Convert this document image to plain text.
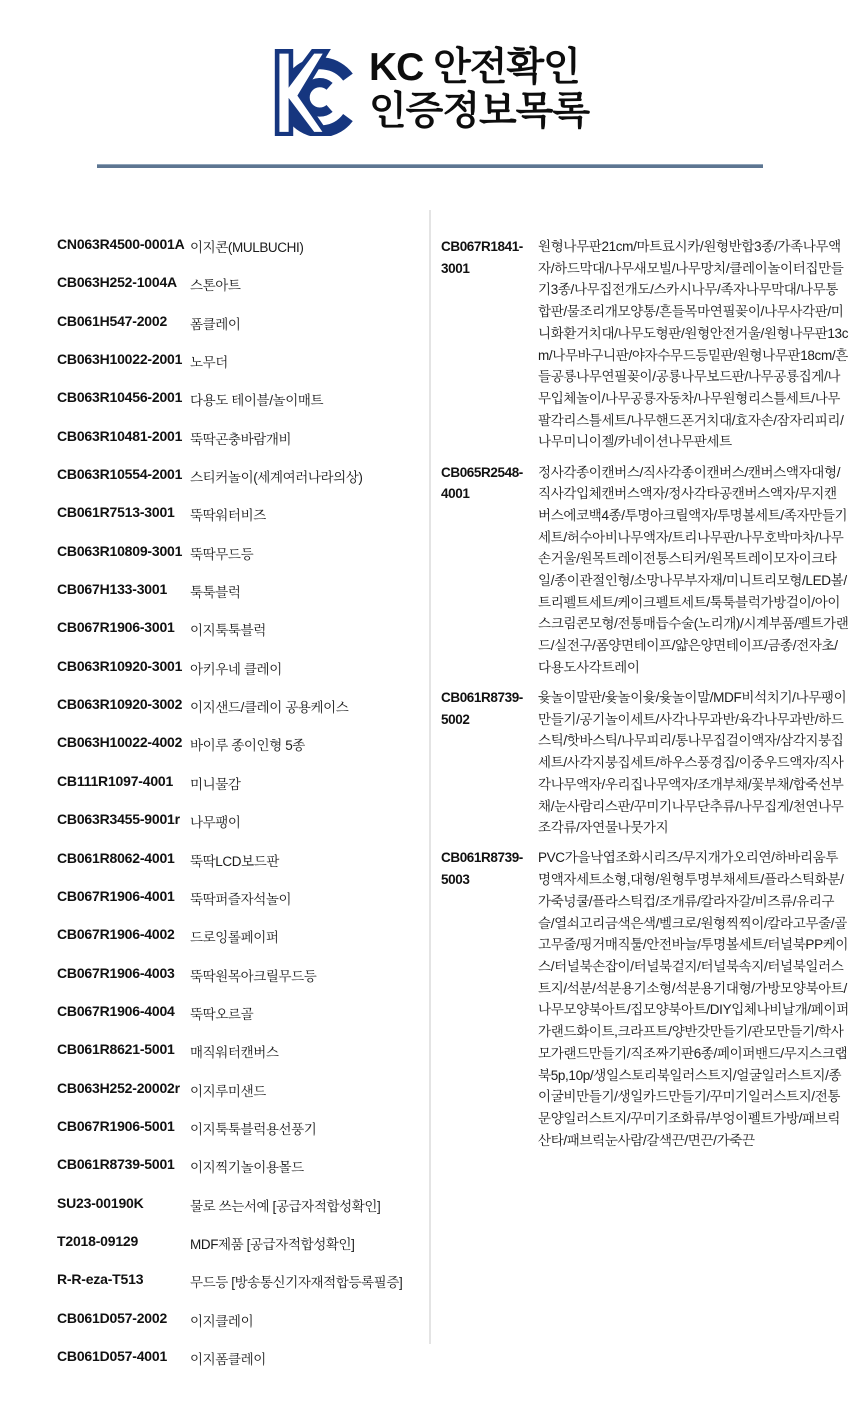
KC 안전확인
인증정보목록
CN063R4500-0001A 이지콘(MULBUCHI)
CB063H252-1004A 스톤아트
CB061H547-2002	폼클레이
CB063H10022-2001 노무더
CB063R10456-2001 다용도 테이블/놀이매트
CB063R10481-2001 뚝딱곤충바람개비
CB063R10554-2001 스티커놀이(세계여러나라의상)
CB061R7513-3001	뚝딱워터비즈
CB063R10809-3001 뚝딱무드등
CB067H133-3001	툭툭블럭
CB067R1906-3001	이지툭툭블럭
CB063R10920-3001 아키우네 클레이
CB063R10920-3002 이지샌드/클레이 공용케이스
CB063H10022-4002 바이루 종이인형 5종
CB111R1097-4001	미니물감
CB063R3455-9001r 나무팽이
CB061R8062-4001	뚝딱LCD보드판
CB067R1906-4001	뚝딱퍼즐자석놀이
CB067R1906-4002	드로잉롤페이퍼
CB067R1906-4003	뚝딱원목아크릴무드등
CB067R1906-4004	뚝딱오르골
CB061R8621-5001	매직워터캔버스
CB063H252-20002r 이지루미샌드
CB067R1906-5001	이지툭툭블럭용선풍기
CB061R8739-5001	이지찍기놀이용몰드
SU23-00190K	물로 쓰는서예 [공급자적합성확인]
T2018-09129	MDF제품 [공급자적합성확인]
R-R-eza-T513	무드등 [방송통신기자재적합등록필증]
CB061D057-2002	이지클레이
CB061D057-4001	이지폼클레이
CB067R1841-3001
원형나무판21cm/마트료시카/원형반합3종/가족나무액자/하드막대/나무새모빌/나무망치/클레이놀이터집만들기3종/나무집전개도/스카시나무/족자나무막대/나무통합판/물조리개모양통/흔들목마연필꽂이/나무사각판/미니화환거치대/나무도형판/원형안전거울/원형나무판13cm/나무바구니판/야자수무드등밑판/원형나무판18cm/흔들공룡나무연필꽂이/공룡나무보드판/나무공룡집게/나무입체놀이/나무공룡자동차/나무원형리스틀세트/나무팔각리스틀세트/나무핸드폰거치대/효자손/잠자리피리/나무미니이젤/카네이션나무판세트
CB065R2548-4001
정사각종이캔버스/직사각종이캔버스/캔버스액자대형/직사각입체캔버스액자/정사각타공캔버스액자/무지캔버스에코백4종/투명아크릴액자/투명볼세트/족자만들기세트/허수아비나무액자/트리나무판/나무호박마차/나무손거울/원목트레이전통스티커/원목트레이모자이크타일/종이관절인형/소망나무부자재/미니트리모형/LED볼/트리펠트세트/케이크펠트세트/툭툭블럭가방걸이/아이스크림콘모형/전통매듭수술(노리개)/시계부품/펠트가랜드/실전구/폼양면테이프/얇은양면테이프/금종/전자초/다용도사각트레이
CB061R8739-5002
윷놀이말판/윷놀이윷/윷놀이말/MDF비석치기/나무팽이만들기/공기놀이세트/사각나무과반/육각나무과반/하드스틱/핫바스틱/나무피리/통나무집걸이액자/삼각지붕집세트/사각지붕집세트/하우스풍경집/이중우드액자/직사각나무액자/우리집나무액자/조개부채/꽃부채/합죽선부채/눈사람리스판/꾸미기나무단추류/나무집게/천연나무조각류/자연물나뭇가지
CB061R8739-5003
PVC가을낙엽조화시리즈/무지개가오리연/하바리움투명액자세트소형,대형/원형투명부채세트/플라스틱화분/가죽넝쿨/플라스틱컵/조개류/칼라자갈/비즈류/유리구슬/열쇠고리금색은색/벨크로/원형찍찍이/칼라고무줄/골고무줄/핑거매직툴/안전바늘/투명볼세트/터널북PP케이스/터널북손잡이/터널북겉지/터널북속지/터널북일러스트지/석분/석분용기소형/석분용기대형/가방모양북아트/나무모양북아트/집모양북아트/DIY입체나비날개/페이퍼가랜드화이트,크라프트/양반갓만들기/관모만들기/학사모가랜드만들기/직조짜기판6종/페이퍼밴드/무지스크랩북5p,10p/생일스토리북일러스트지/얼굴일러스트지/종이굴비만들기/생일카드만들기/꾸미기일러스트지/전통문양일러스트지/꾸미기조화류/부엉이펠트가방/패브릭산타/패브릭눈사람/갈색끈/면끈/가죽끈
